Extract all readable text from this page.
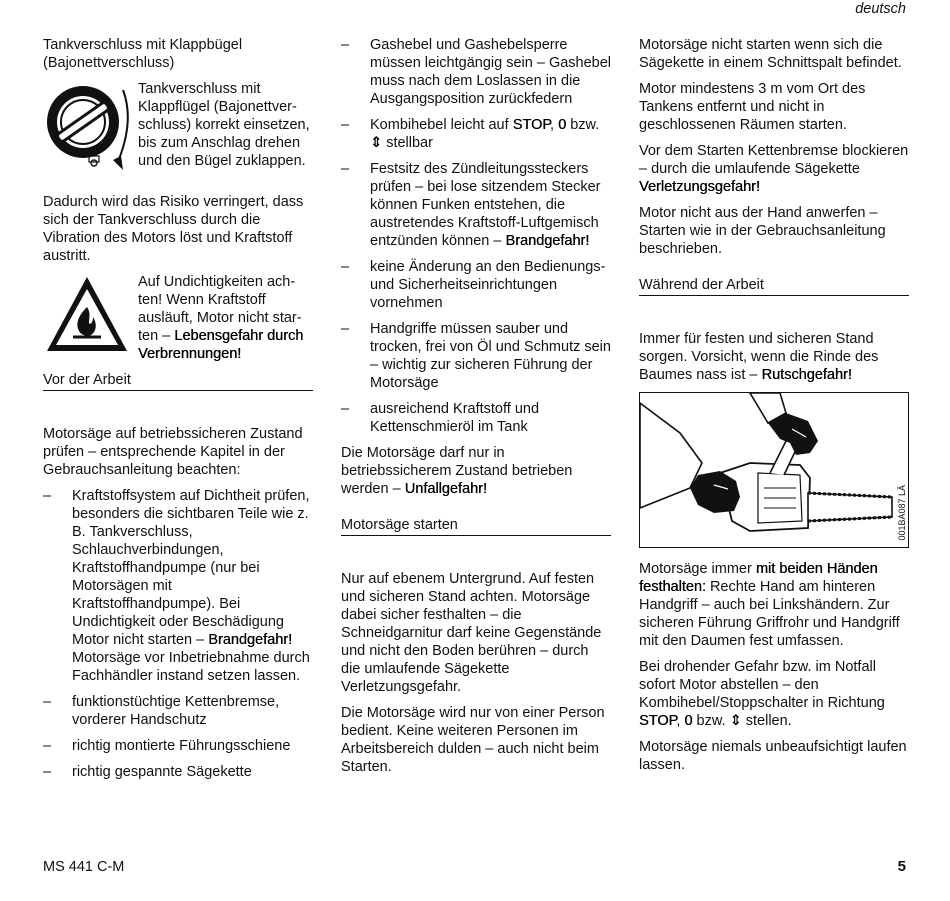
deutsch

Tankverschluss mit Klappbügel (Bajonettverschluss)

Tankverschluss mit Klappflügel (Bajonettver-schluss) korrekt einsetzen, bis zum Anschlag drehen und den Bügel zuklappen.

Dadurch wird das Risiko verringert, dass sich der Tankverschluss durch die Vibration des Motors löst und Kraftstoff austritt.

Auf Undichtigkeiten ach-ten! Wenn Kraftstoff ausläuft, Motor nicht star-ten – Lebensgefahr durch Verbrennungen!
Vor der Arbeit

Motorsäge auf betriebssicheren Zustand prüfen – entsprechende Kapitel in der Gebrauchsanleitung beachten:

– Kraftstoffsystem auf Dichtheit prüfen, besonders die sichtbaren Teile wie z. B. Tankverschluss, Schlauchverbindungen, Kraftstoffhandpumpe (nur bei Motorsägen mit Kraftstoffhandpumpe). Bei Undichtigkeit oder Beschädigung Motor nicht starten – Brandgefahr! Motorsäge vor Inbetriebnahme durch Fachhändler instand setzen lassen.
– funktionstüchtige Kettenbremse, vorderer Handschutz
– richtig montierte Führungsschiene
– richtig gespannte Sägekette
– Gashebel und Gashebelsperre müssen leichtgängig sein – Gashebel muss nach dem Loslassen in die Ausgangsposition zurückfedern
– Kombihebel leicht auf STOP, 0 bzw. ⇕ stellbar
– Festsitz des Zündleitungssteckers prüfen – bei lose sitzendem Stecker können Funken entstehen, die austretendes Kraftstoff-Luftgemisch entzünden können – Brandgefahr!
– keine Änderung an den Bedienungs- und Sicherheitseinrichtungen vornehmen
– Handgriffe müssen sauber und trocken, frei von Öl und Schmutz sein – wichtig zur sicheren Führung der Motorsäge
– ausreichend Kraftstoff und Kettenschmieröl im Tank

Die Motorsäge darf nur in betriebssicherem Zustand betrieben werden – Unfallgefahr!

Motorsäge starten

Nur auf ebenem Untergrund. Auf festen und sicheren Stand achten. Motorsäge dabei sicher festhalten – die Schneidgarnitur darf keine Gegenstände und nicht den Boden berühren – durch die umlaufende Sägekette Verletzungsgefahr.

Die Motorsäge wird nur von einer Person bedient. Keine weiteren Personen im Arbeitsbereich dulden – auch nicht beim Starten.

Motorsäge nicht starten wenn sich die Sägekette in einem Schnittspalt befindet.

Motor mindestens 3 m vom Ort des Tankens entfernt und nicht in geschlossenen Räumen starten.

Vor dem Starten Kettenbremse blockieren – durch die umlaufende Sägekette Verletzungsgefahr!

Motor nicht aus der Hand anwerfen – Starten wie in der Gebrauchsanleitung beschrieben.

Während der Arbeit

Immer für festen und sicheren Stand sorgen. Vorsicht, wenn die Rinde des Baumes nass ist – Rutschgefahr!

001BA087 LÄ

Motorsäge immer mit beiden Händen festhalten: Rechte Hand am hinteren Handgriff – auch bei Linkshändern. Zur sicheren Führung Griffrohr und Handgriff mit den Daumen fest umfassen.

Bei drohender Gefahr bzw. im Notfall sofort Motor abstellen – den Kombihebel/Stoppschalter in Richtung STOP, 0 bzw. ⇕ stellen.

Motorsäge niemals unbeaufsichtigt laufen lassen.

MS 441 C-M	5
